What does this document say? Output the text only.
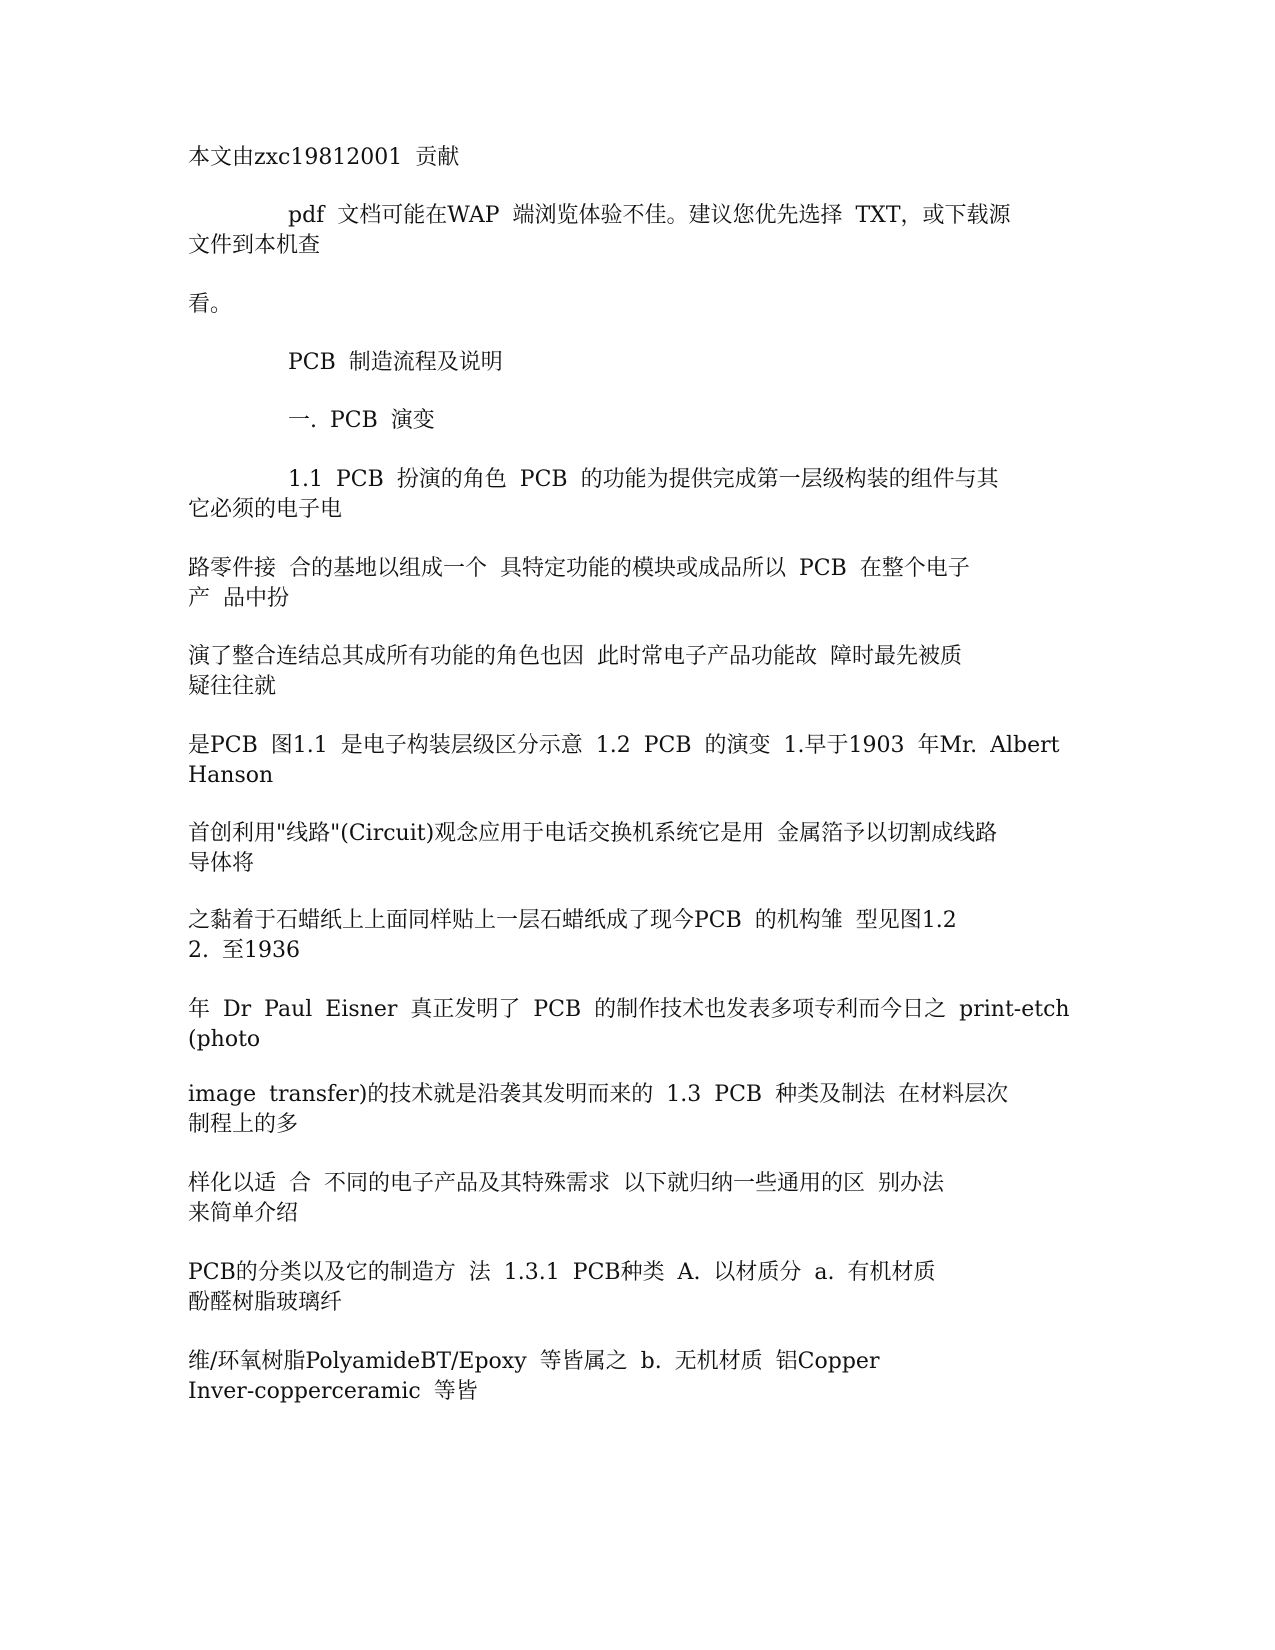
本文由zxc19812001 贡献
pdf 文档可能在WAP 端浏览体验不佳。建议您优先选择 TXT，或下载源
文件到本机查
看。
PCB 制造流程及说明
一. PCB 演变
1.1 PCB 扮演的角色 PCB 的功能为提供完成第一层级构装的组件与其
它必须的电子电
路零件接 合的基地以组成一个 具特定功能的模块或成品所以 PCB 在整个电子
产 品中扮
演了整合连结总其成所有功能的角色也因 此时常电子产品功能故 障时最先被质
疑往往就
是PCB 图1.1 是电子构装层级区分示意 1.2 PCB 的演变 1.早于1903 年Mr. Albert
Hanson
首创利用"线路"(Circuit)观念应用于电话交换机系统它是用 金属箔予以切割成线路
导体将
之黏着于石蜡纸上上面同样贴上一层石蜡纸成了现今PCB 的机构雏 型见图1.2
2. 至1936
年 Dr Paul Eisner 真正发明了 PCB 的制作技术也发表多项专利而今日之 print-etch
(photo
image transfer)的技术就是沿袭其发明而来的 1.3 PCB 种类及制法 在材料层次
制程上的多
样化以适 合 不同的电子产品及其特殊需求 以下就归纳一些通用的区 别办法
来简单介绍
PCB的分类以及它的制造方 法 1.3.1 PCB种类 A. 以材质分 a. 有机材质
酚醛树脂玻璃纤
维/环氧树脂PolyamideBT/Epoxy 等皆属之 b. 无机材质 铝Copper
Inver-copperceramic 等皆
